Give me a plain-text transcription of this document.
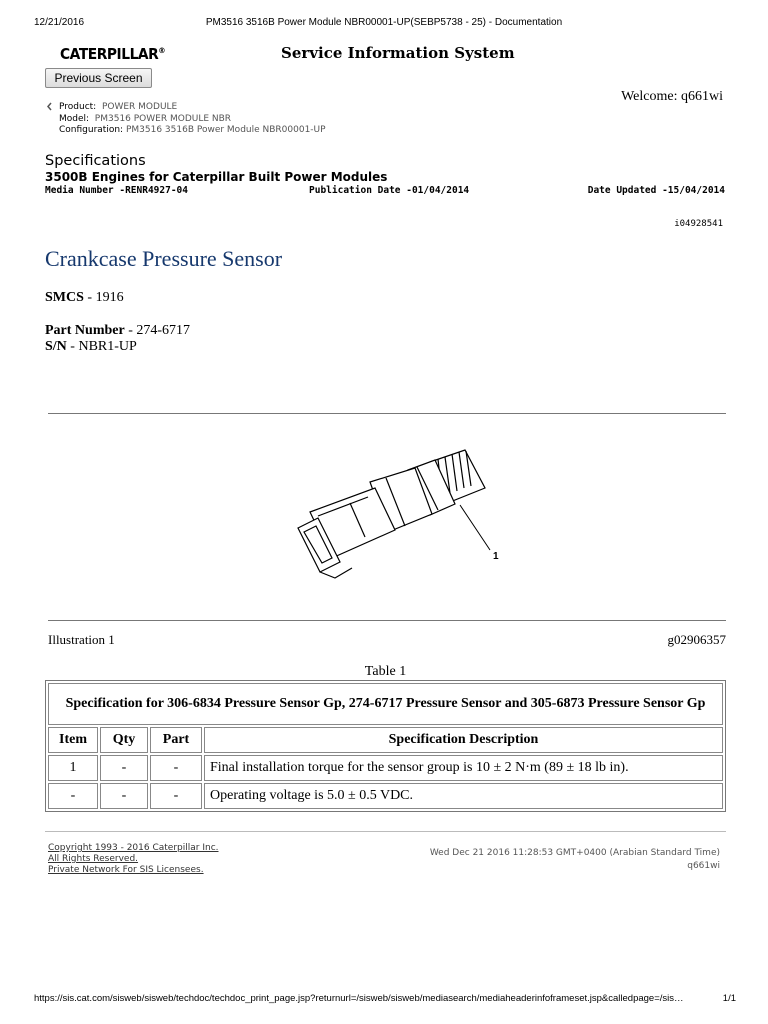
12/21/2016	PM3516 3516B Power Module NBR00001-UP(SEBP5738 - 25) - Documentation
CATERPILLAR®	Service Information System
Previous Screen
Welcome: q661wi
Product: POWER MODULE
Model: PM3516 POWER MODULE NBR
Configuration: PM3516 3516B Power Module NBR00001-UP
Specifications
3500B Engines for Caterpillar Built Power Modules
Media Number -RENR4927-04	Publication Date -01/04/2014	Date Updated -15/04/2014
i04928541
Crankcase Pressure Sensor
SMCS - 1916
Part Number - 274-6717
S/N - NBR1-UP
1
Illustration 1	g02906357
Table 1
Specification for 306-6834 Pressure Sensor Gp, 274-6717 Pressure Sensor and 305-6873 Pressure Sensor Gp			
Item	Qty	Part	Specification Description
1	-	-	Final installation torque for the sensor group is 10 ± 2 N·m (89 ± 18 lb in).
-	-	-	Operating voltage is 5.0 ± 0.5 VDC.
Copyright 1993 - 2016 Caterpillar Inc.
All Rights Reserved.
Private Network For SIS Licensees.
Wed Dec 21 2016 11:28:53 GMT+0400 (Arabian Standard Time)
q661wi
https://sis.cat.com/sisweb/sisweb/techdoc/techdoc_print_page.jsp?returnurl=/sisweb/sisweb/mediasearch/mediaheaderinfoframeset.jsp&calledpage=/sis…	1/1
